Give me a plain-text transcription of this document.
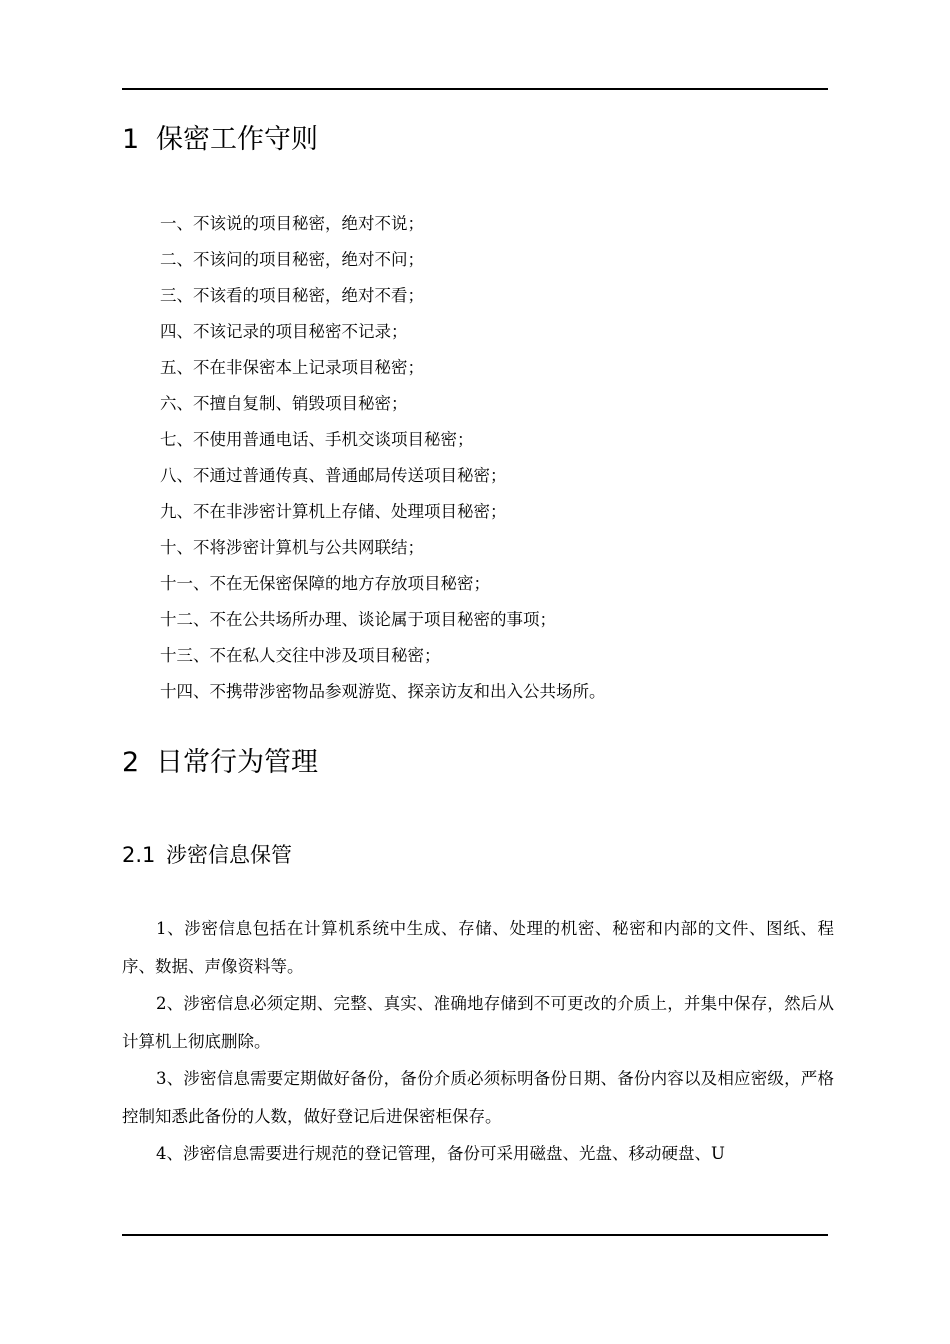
1 保密工作守则
一、不该说的项目秘密，绝对不说；
二、不该问的项目秘密，绝对不问；
三、不该看的项目秘密，绝对不看；
四、不该记录的项目秘密不记录；
五、不在非保密本上记录项目秘密；
六、不擅自复制、销毁项目秘密；
七、不使用普通电话、手机交谈项目秘密；
八、不通过普通传真、普通邮局传送项目秘密；
九、不在非涉密计算机上存储、处理项目秘密；
十、不将涉密计算机与公共网联结；
十一、不在无保密保障的地方存放项目秘密；
十二、不在公共场所办理、谈论属于项目秘密的事项；
十三、不在私人交往中涉及项目秘密；
十四、不携带涉密物品参观游览、探亲访友和出入公共场所。
2 日常行为管理
2.1 涉密信息保管

1、涉密信息包括在计算机系统中生成、存储、处理的机密、秘密和内部的文件、图纸、程序、数据、声像资料等。

2、涉密信息必须定期、完整、真实、准确地存储到不可更改的介质上，并集中保存，然后从计算机上彻底删除。

3、涉密信息需要定期做好备份，备份介质必须标明备份日期、备份内容以及相应密级，严格控制知悉此备份的人数，做好登记后进保密柜保存。

4、涉密信息需要进行规范的登记管理，备份可采用磁盘、光盘、移动硬盘、U
